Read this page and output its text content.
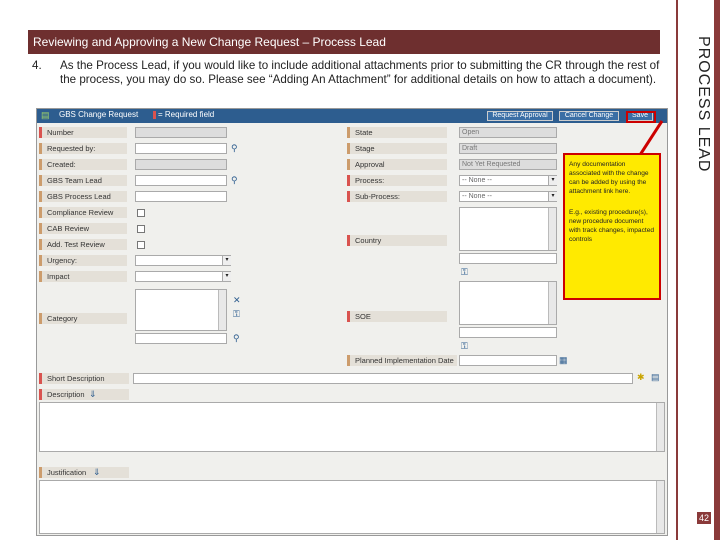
Reviewing and Approving a New Change Request – Process Lead	PROCESS LEAD
42
4. As the Process Lead, if you would like to include additional attachments prior to submitting the CR through the rest of the process, you may do so. Please see “Adding An Attachment” for additional details on how to attach a document).
▤ GBS Change Request	= Required field	Request Approval	Cancel Change	Save
Number
Requested by:	⚲
Created:
GBS Team Lead	⚲
GBS Process Lead
Compliance Review
CAB Review
Add. Test Review
Urgency:	▾
Impact	▾
Category
✕
⚿
⚲
State	Open
Stage	Draft
Approval	Not Yet Requested
Process:	-- None --	▾
Sub-Process:	-- None --	▾
Country
⚿
SOE
⚿
Planned Implementation Date	▦
Short Description	✱ ▤
Description ⇓
Justification ⇓

Any documentation associated with the change can be added by using the attachment link here.

E.g., existing procedure(s), new procedure document with track changes, impacted controls
